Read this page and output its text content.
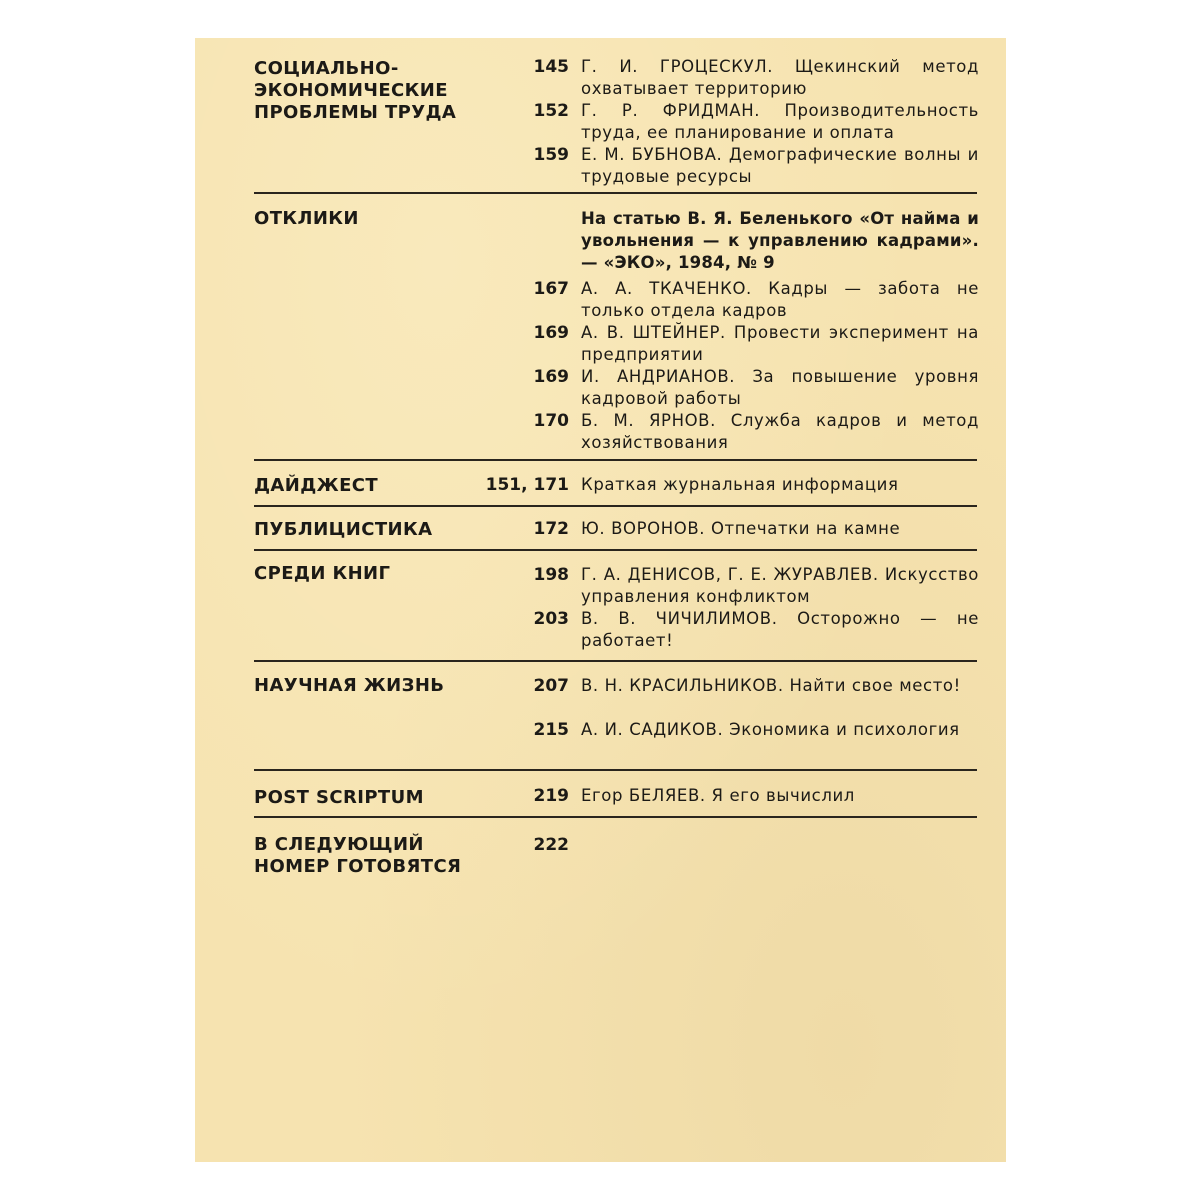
СОЦИАЛЬНО-
ЭКОНОМИЧЕСКИЕ
ПРОБЛЕМЫ ТРУДА
145 Г. И. ГРОЦЕСКУЛ. Щекинский метод охватывает территорию
152 Г. Р. ФРИДМАН. Производительность труда, ее планирование и оплата
159 Е. М. БУБНОВА. Демографические волны и трудовые ресурсы
ОТКЛИКИ	На статью В. Я. Беленького «От найма и увольнения — к управлению кадрами».— «ЭКО», 1984, № 9
167 А. А. ТКАЧЕНКО. Кадры — забота не только отдела кадров
169 А. В. ШТЕЙНЕР. Провести эксперимент на предприятии
169 И. АНДРИАНОВ. За повышение уровня кадровой работы
170 Б. М. ЯРНОВ. Служба кадров и метод хозяйствования
ДАЙДЖЕСТ	151, 171 Краткая журнальная информация
ПУБЛИЦИСТИКА	172 Ю. ВОРОНОВ. Отпечатки на камне
СРЕДИ КНИГ	198 Г. А. ДЕНИСОВ, Г. Е. ЖУРАВЛЕВ. Искусство управления конфликтом
203 В. В. ЧИЧИЛИМОВ. Осторожно — не работает!
НАУЧНАЯ ЖИЗНЬ	207 В. Н. КРАСИЛЬНИКОВ. Найти свое место!
215 А. И. САДИКОВ. Экономика и психология
POST SCRIPTUM	219 Егор БЕЛЯЕВ. Я его вычислил
В СЛЕДУЮЩИЙ
НОМЕР ГОТОВЯТСЯ
222
